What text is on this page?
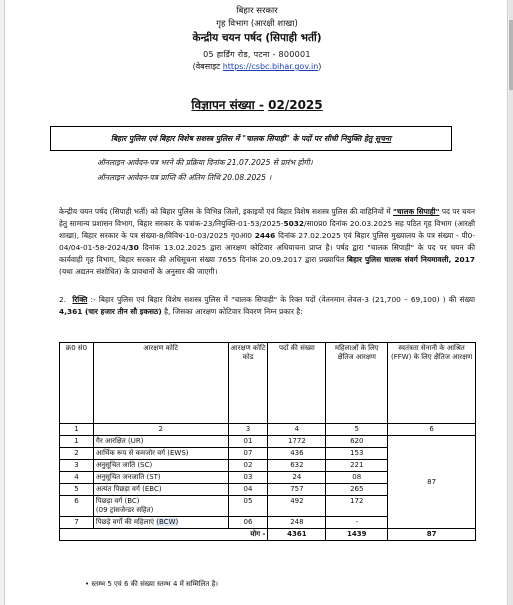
बिहार सरकार
गृह विभाग (आरक्षी शाखा)
केन्द्रीय चयन पर्षद (सिपाही भर्ती)
05 हार्डिंग रोड, पटना - 800001
(वेबसाइट https://csbc.bihar.gov.in)
विज्ञापन संख्या - 02/2025
बिहार पुलिस एवं बिहार विशेष सशस्त्र पुलिस में "चालक सिपाही" के पदों पर सीधी नियुक्ति हेतु सूचना
ऑनलाइन आवेदन-पत्र भरने की प्रक्रिया दिनांक 21.07.2025 से प्रारंभ होगी।
ऑनलाइन आवेदन-पत्र प्राप्ति की अंतिम तिथि 20.08.2025 ।

केन्द्रीय चयन पर्षद (सिपाही भर्ती) को बिहार पुलिस के विभिन्न जिलों, इकाइयों एवं बिहार विशेष सशस्त्र पुलिस की वाहिनियों में "चालक सिपाही" पद पर चयन हेतु सामान्य प्रशासन विभाग, बिहार सरकार के पत्रांक-23/नियुक्ति-01-53/2025-5032/सा0प्र0 दिनांक 20.03.2025 सह पठित गृह विभाग (आरक्षी शाखा), बिहार सरकार के पत्र संख्या-8/विविध-10-03/2025 गृ0आ0 2446 दिनांक 27.02.2025 एवं बिहार पुलिस मुख्यालय के पत्र संख्या - पी0-04/04-01-58-2024/30 दिनांक 13.02.2025 द्वारा आरक्षण कोटिवार अधियाचना प्राप्त है। पर्षद द्वारा "चालक सिपाही" के पद पर चयन की कार्यवाही गृह विभाग, बिहार सरकार की अधिसूचना संख्या 7655 दिनांक 20.09.2017 द्वारा प्रख्यापित बिहार पुलिस चालक संवर्ग नियमावली, 2017 (यथा अद्यतन संशोधित) के प्रावधानों के अनुसार की जाएगी।

2. रिक्ति :- बिहार पुलिस एवं बिहार विशेष सशस्त्र पुलिस में "चालक सिपाही" के रिक्त पदों (वेतनमान लेवल-3 (21,700 – 69,100) ) की संख्या 4,361 (चार हजार तीन सौ इकसठ) है, जिसका आरक्षण कोटिवार विवरण निम्न प्रकार है:

क्र0 सं0	आरक्षण कोटि	आरक्षण कोटि कोड	पदों की संख्या	महिलाओं के लिए क्षैतिज आरक्षण	स्वतंत्रता सेनानी के आश्रित (FFW) के लिए क्षैतिज आरक्षण
1	2	3	4	5	6
1	गैर आरक्षित (UR)	01	1772	620	87
2	आर्थिक रूप से कमजोर वर्ग (EWS)	07	436	153	
3	अनुसूचित जाति (SC)	02	632	221	
4	अनुसूचित जनजाति (ST)	03	24	08	
5	अत्यंत पिछड़ा वर्ग (EBC)	04	757	265	
6	पिछड़ा वर्ग (BC)
(09 ट्रांसजेन्डर सहित)	05	492	172	
7	पिछड़े वर्गों की महिलाएं (BCW)	06	248	-	
योग -			4361	1439	87
• स्तम्भ 5 एवं 6 की संख्या स्तम्भ 4 में सम्मिलित है।
